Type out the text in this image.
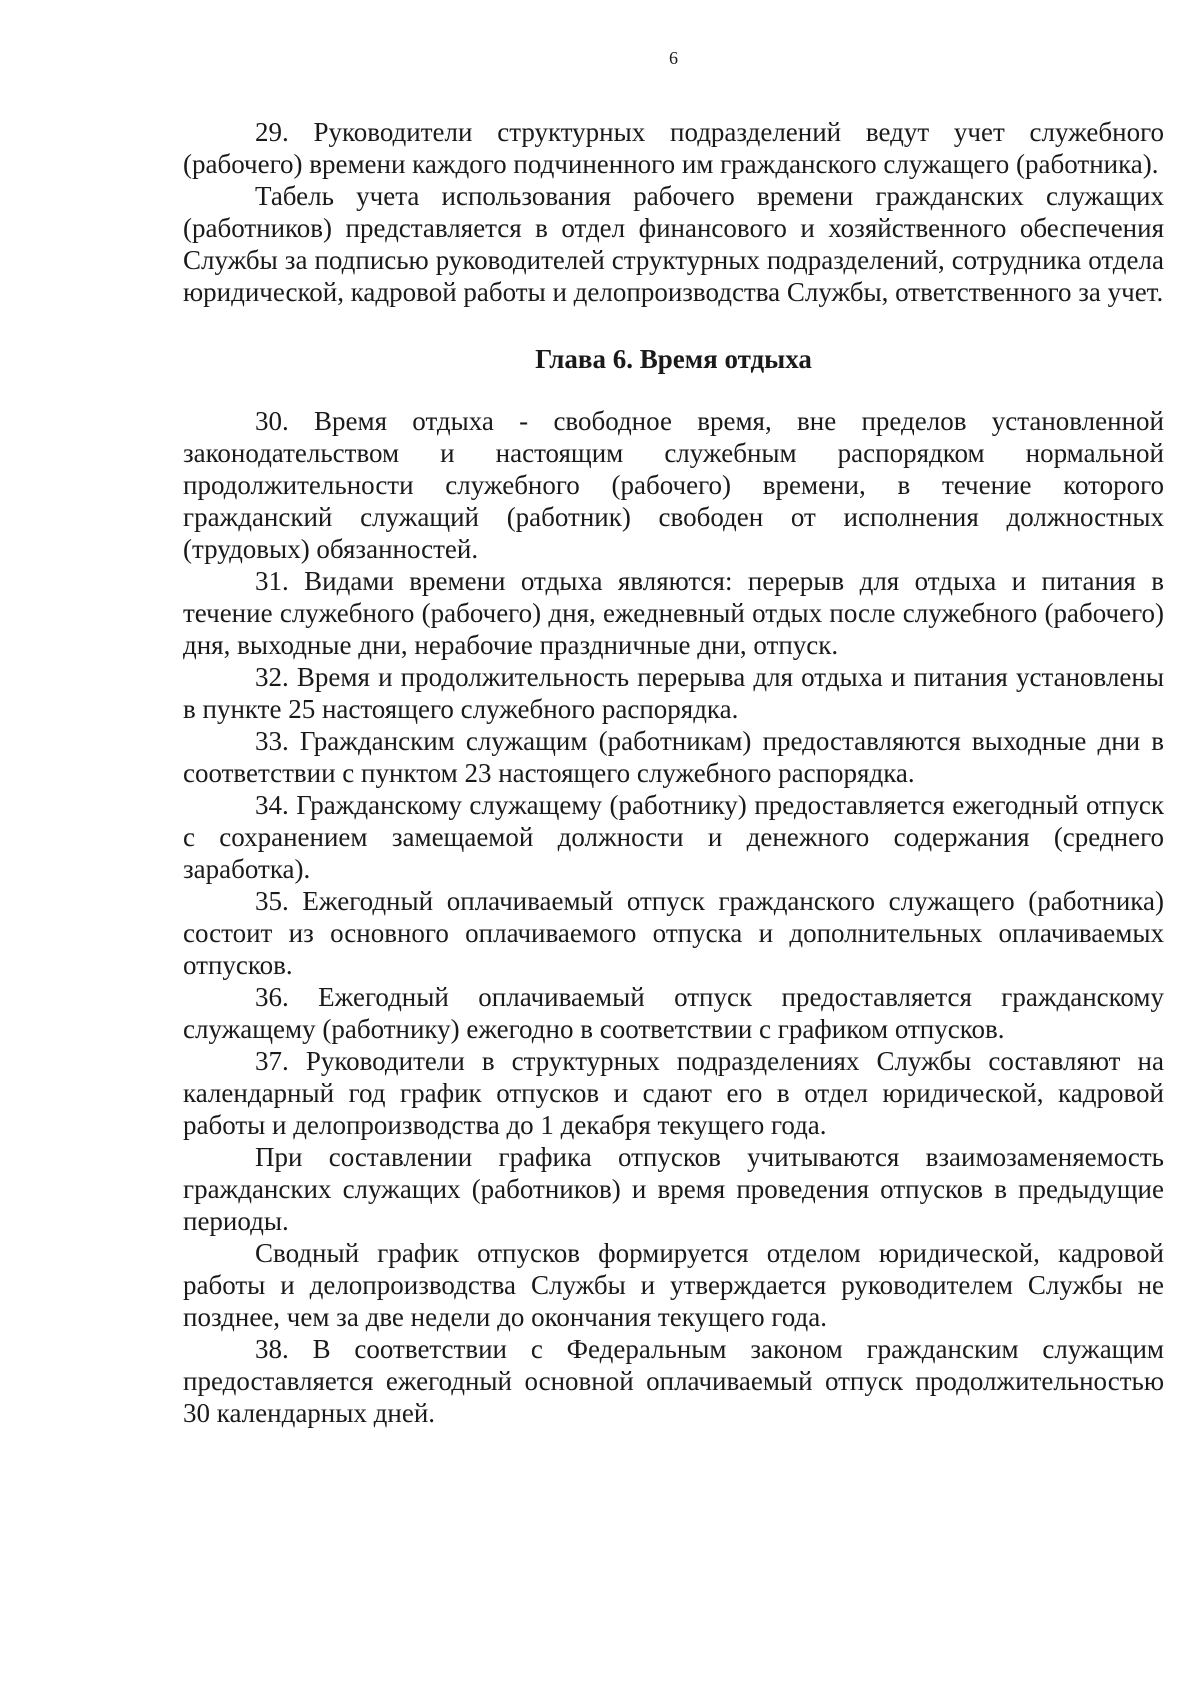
6

29. Руководители структурных подразделений ведут учет служебного (рабочего) времени каждого подчиненного им гражданского служащего (работника).

Табель учета использования рабочего времени гражданских служащих (работников) представляется в отдел финансового и хозяйственного обеспечения Службы за подписью руководителей структурных подразделений, сотрудника отдела юридической, кадровой работы и делопроизводства Службы, ответственного за учет.

Глава 6. Время отдыха

30. Время отдыха - свободное время, вне пределов установленной законодательством и настоящим служебным распорядком нормальной продолжительности служебного (рабочего) времени, в течение которого гражданский служащий (работник) свободен от исполнения должностных (трудовых) обязанностей.

31. Видами времени отдыха являются: перерыв для отдыха и питания в течение служебного (рабочего) дня, ежедневный отдых после служебного (рабочего) дня, выходные дни, нерабочие праздничные дни, отпуск.

32. Время и продолжительность перерыва для отдыха и питания установлены в пункте 25 настоящего служебного распорядка.

33. Гражданским служащим (работникам) предоставляются выходные дни в соответствии с пунктом 23 настоящего служебного распорядка.

34. Гражданскому служащему (работнику) предоставляется ежегодный отпуск с сохранением замещаемой должности и денежного содержания (среднего заработка).

35. Ежегодный оплачиваемый отпуск гражданского служащего (работника) состоит из основного оплачиваемого отпуска и дополнительных оплачиваемых отпусков.

36. Ежегодный оплачиваемый отпуск предоставляется гражданскому служащему (работнику) ежегодно в соответствии с графиком отпусков.

37. Руководители в структурных подразделениях Службы составляют на календарный год график отпусков и сдают его в отдел юридической, кадровой работы и делопроизводства до 1 декабря текущего года.

При составлении графика отпусков учитываются взаимозаменяемость гражданских служащих (работников) и время проведения отпусков в предыдущие периоды.

Сводный график отпусков формируется отделом юридической, кадровой работы и делопроизводства Службы и утверждается руководителем Службы не позднее, чем за две недели до окончания текущего года.

38. В соответствии с Федеральным законом гражданским служащим предоставляется ежегодный основной оплачиваемый отпуск продолжительностью 30 календарных дней.
